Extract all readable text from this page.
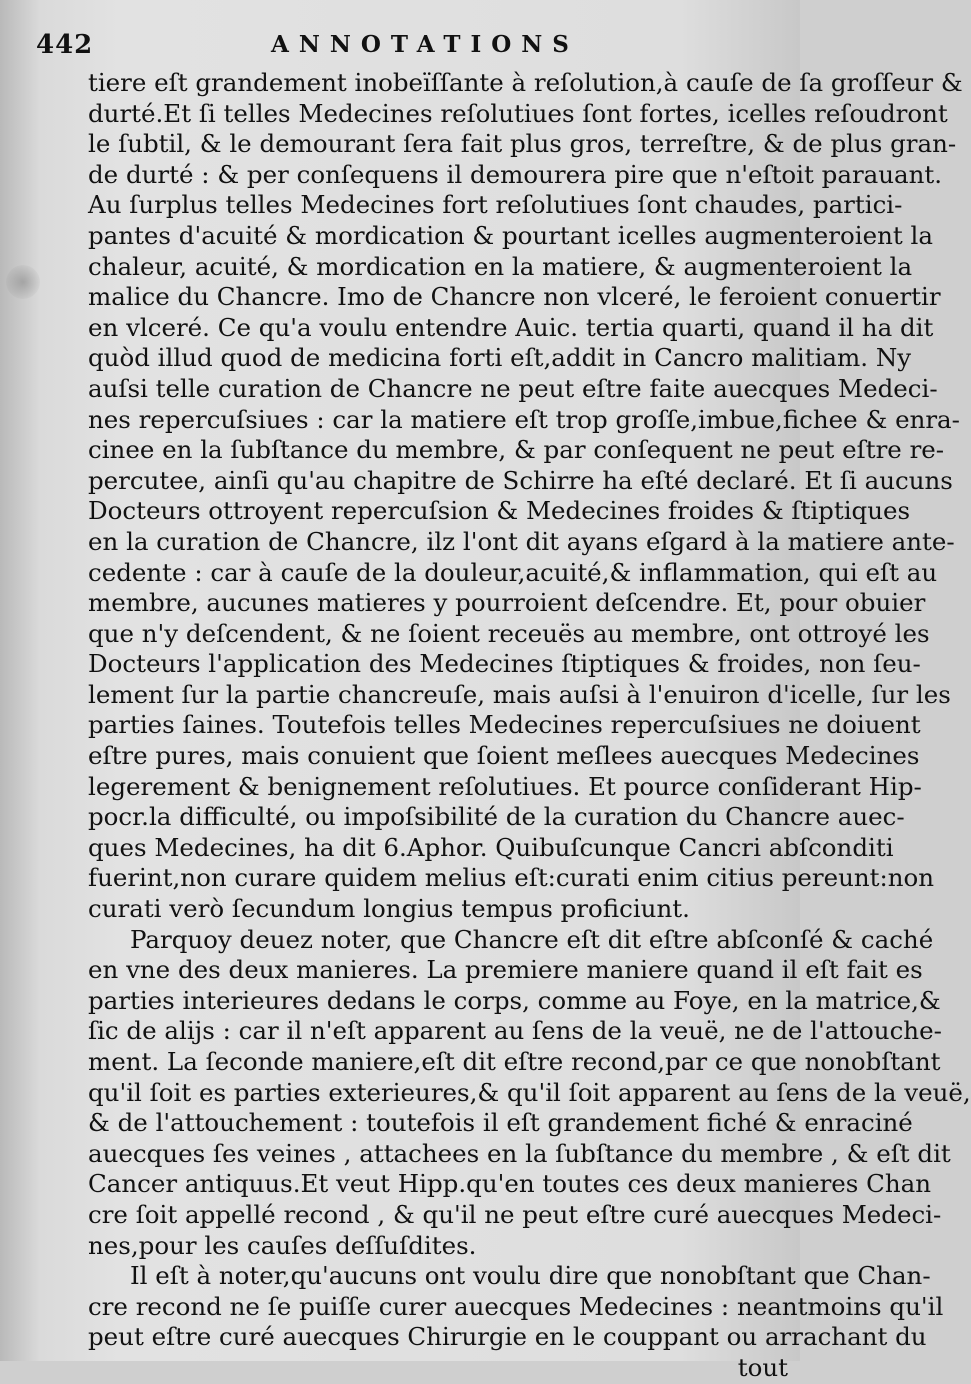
442	ANNOTATIONS
tiere eſt grandement inobeïſſante à reſolution,à cauſe de ſa groſſeur &
durté.Et ſi telles Medecines reſolutiues ſont fortes, icelles reſoudront
le ſubtil, & le demourant ſera fait plus gros, terreſtre, & de plus gran-
de durté : & per conſequens il demourera pire que n'eſtoit parauant.
Au ſurplus telles Medecines fort reſolutiues ſont chaudes, partici-
pantes d'acuité & mordication & pourtant icelles augmenteroient la
chaleur, acuité, & mordication en la matiere, & augmenteroient la
malice du Chancre. Imo de Chancre non vlceré, le feroient conuertir
en vlceré. Ce qu'a voulu entendre Auic. tertia quarti, quand il ha dit
quòd illud quod de medicina forti eſt,addit in Cancro malitiam. Ny
auſsi telle curation de Chancre ne peut eſtre faite auecques Medeci-
nes repercuſsiues : car la matiere eſt trop groſſe,imbue,fichee & enra-
cinee en la ſubſtance du membre, & par conſequent ne peut eſtre re-
percutee, ainſi qu'au chapitre de Schirre ha eſté declaré. Et ſi aucuns
Docteurs ottroyent repercuſsion & Medecines froides & ſtiptiques
en la curation de Chancre, ilz l'ont dit ayans eſgard à la matiere ante-
cedente : car à cauſe de la douleur,acuité,& inflammation, qui eſt au
membre, aucunes matieres y pourroient deſcendre. Et, pour obuier
que n'y deſcendent, & ne ſoient receuës au membre, ont ottroyé les
Docteurs l'application des Medecines ſtiptiques & froides, non ſeu-
lement ſur la partie chancreuſe, mais auſsi à l'enuiron d'icelle, ſur les
parties ſaines. Toutefois telles Medecines repercuſsiues ne doiuent
eſtre pures, mais conuient que ſoient meſlees auecques Medecines
legerement & benignement reſolutiues. Et pource conſiderant Hip-
pocr.la difficulté, ou impoſsibilité de la curation du Chancre auec-
ques Medecines, ha dit 6.Aphor. Quibuſcunque Cancri abſconditi
fuerint,non curare quidem melius eſt:curati enim citius pereunt:non
curati verò ſecundum longius tempus proficiunt.
Parquoy deuez noter, que Chancre eſt dit eſtre abſconſé & caché
en vne des deux manieres. La premiere maniere quand il eſt fait es
parties interieures dedans le corps, comme au Foye, en la matrice,&
ſic de aliјs : car il n'eſt apparent au ſens de la veuë, ne de l'attouche-
ment. La ſeconde maniere,eſt dit eſtre recond,par ce que nonobſtant
qu'il ſoit es parties exterieures,& qu'il ſoit apparent au ſens de la veuë,
& de l'attouchement : toutefois il eſt grandement fiché & enraciné
auecques ſes veines , attachees en la ſubſtance du membre , & eſt dit
Cancer antiquus.Et veut Hipp.qu'en toutes ces deux manieres Chan
cre ſoit appellé recond , & qu'il ne peut eſtre curé auecques Medeci-
nes,pour les cauſes deſſuſdites.
Il eſt à noter,qu'aucuns ont voulu dire que nonobſtant que Chan-
cre recond ne ſe puiſſe curer auecques Medecines : neantmoins qu'il
peut eſtre curé auecques Chirurgie en le couppant ou arrachant du
tout
